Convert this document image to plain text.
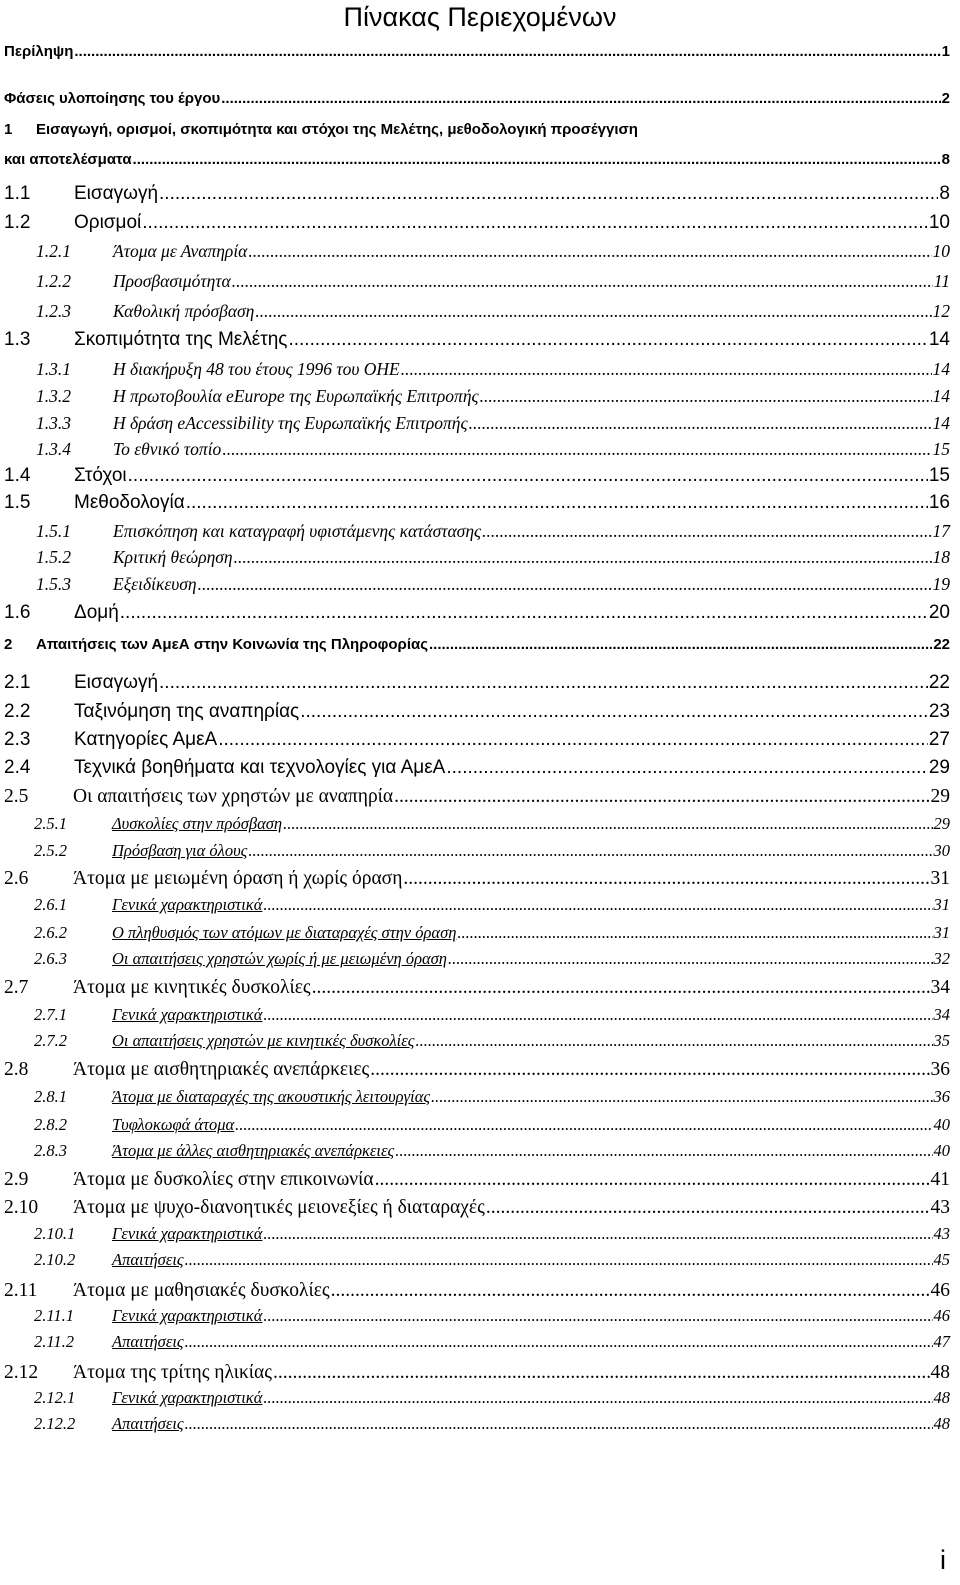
Πίνακας Περιεχομένων
Περίληψη .....	1
Φάσεις υλοποίησης του έργου .....	2
1 Εισαγωγή, ορισμοί, σκοπιμότητα και στόχοι της Μελέτης, μεθοδολογική προσέγγιση
και αποτελέσματα .....	8
1.1 Εισαγωγή .....	8
1.2 Ορισμοί .....	10
1.2.1 Άτομα με Αναπηρία .....	10
1.2.2 Προσβασιμότητα .....	11
1.2.3 Καθολική πρόσβαση .....	12
1.3 Σκοπιμότητα της Μελέτης .....	14
1.3.1 Η διακήρυξη 48 του έτους 1996 του ΟΗΕ .....	14
1.3.2 Η πρωτοβουλία eEurope της Ευρωπαϊκής Επιτροπής .....	14
1.3.3 Η δράση eAccessibility της Ευρωπαϊκής Επιτροπής .....	14
1.3.4 Το εθνικό τοπίο .....	15
1.4 Στόχοι .....	15
1.5 Μεθοδολογία .....	16
1.5.1 Επισκόπηση και καταγραφή υφιστάμενης κατάστασης .....	17
1.5.2 Κριτική θεώρηση .....	18
1.5.3 Εξειδίκευση .....	19
1.6 Δομή .....	20
2 Απαιτήσεις των ΑμεΑ στην Κοινωνία της Πληροφορίας .....	22
2.1 Εισαγωγή .....	22
2.2 Ταξινόμηση της αναπηρίας .....	23
2.3 Κατηγορίες ΑμεΑ .....	27
2.4 Τεχνικά βοηθήματα και τεχνολογίες για ΑμεΑ .....	29
2.5 Οι απαιτήσεις των χρηστών με αναπηρία .....	29
2.5.1	Δυσκολίες στην πρόσβαση .....	29
2.5.2	Πρόσβαση για όλους .....	30
2.6 Άτομα με μειωμένη όραση ή χωρίς όραση .....	31
2.6.1	Γενικά χαρακτηριστικά .....	31
2.6.2	Ο πληθυσμός των ατόμων με διαταραχές στην όραση .....	31
2.6.3	Οι απαιτήσεις χρηστών χωρίς ή με μειωμένη όραση .....	32
2.7 Άτομα με κινητικές δυσκολίες .....	34
2.7.1	Γενικά χαρακτηριστικά .....	34
2.7.2	Οι απαιτήσεις χρηστών με κινητικές δυσκολίες .....	35
2.8 Άτομα με αισθητηριακές ανεπάρκειες .....	36
2.8.1	Άτομα με διαταραχές της ακουστικής λειτουργίας .....	36
2.8.2	Τυφλοκωφά άτομα .....	40
2.8.3	Άτομα με άλλες αισθητηριακές ανεπάρκειες .....	40
2.9 Άτομα με δυσκολίες στην επικοινωνία .....	41
2.10 Άτομα με ψυχο-διανοητικές μειονεξίες ή διαταραχές .....	43
2.10.1 Γενικά χαρακτηριστικά .....	43
2.10.2 Απαιτήσεις .....	45
2.11 Άτομα με μαθησιακές δυσκολίες .....	46
2.11.1 Γενικά χαρακτηριστικά .....	46
2.11.2 Απαιτήσεις .....	47
2.12 Άτομα της τρίτης ηλικίας .....	48
2.12.1 Γενικά χαρακτηριστικά .....	48
2.12.2 Απαιτήσεις .....	48
i
